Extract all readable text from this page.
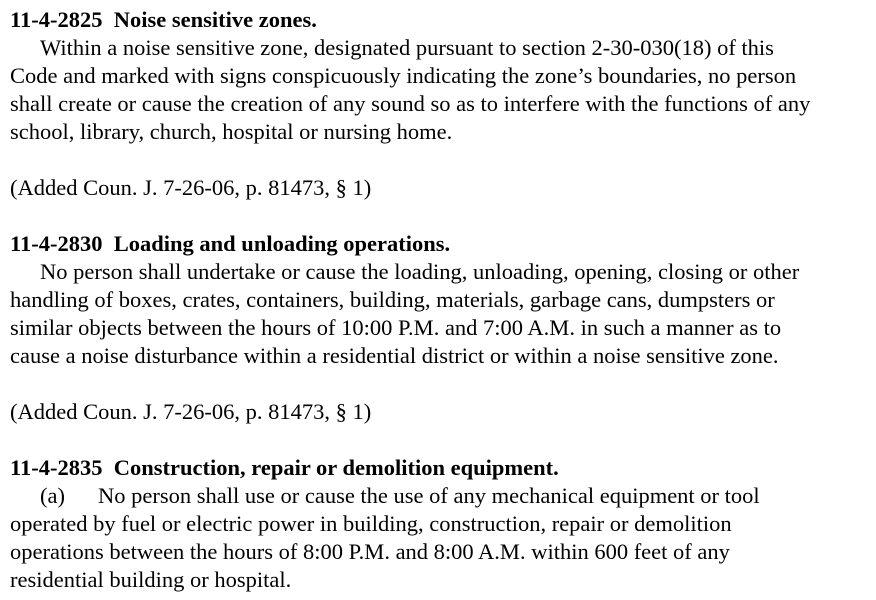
11-4-2825 Noise sensitive zones.
Within a noise sensitive zone, designated pursuant to section 2-30-030(18) of this
Code and marked with signs conspicuously indicating the zone’s boundaries, no person
shall create or cause the creation of any sound so as to interfere with the functions of any
school, library, church, hospital or nursing home.
(Added Coun. J. 7-26-06, p. 81473, § 1)
11-4-2830 Loading and unloading operations.
No person shall undertake or cause the loading, unloading, opening, closing or other
handling of boxes, crates, containers, building, materials, garbage cans, dumpsters or
similar objects between the hours of 10:00 P.M. and 7:00 A.M. in such a manner as to
cause a noise disturbance within a residential district or within a noise sensitive zone.
(Added Coun. J. 7-26-06, p. 81473, § 1)
11-4-2835 Construction, repair or demolition equipment.
(a) No person shall use or cause the use of any mechanical equipment or tool
operated by fuel or electric power in building, construction, repair or demolition
operations between the hours of 8:00 P.M. and 8:00 A.M. within 600 feet of any
residential building or hospital.
